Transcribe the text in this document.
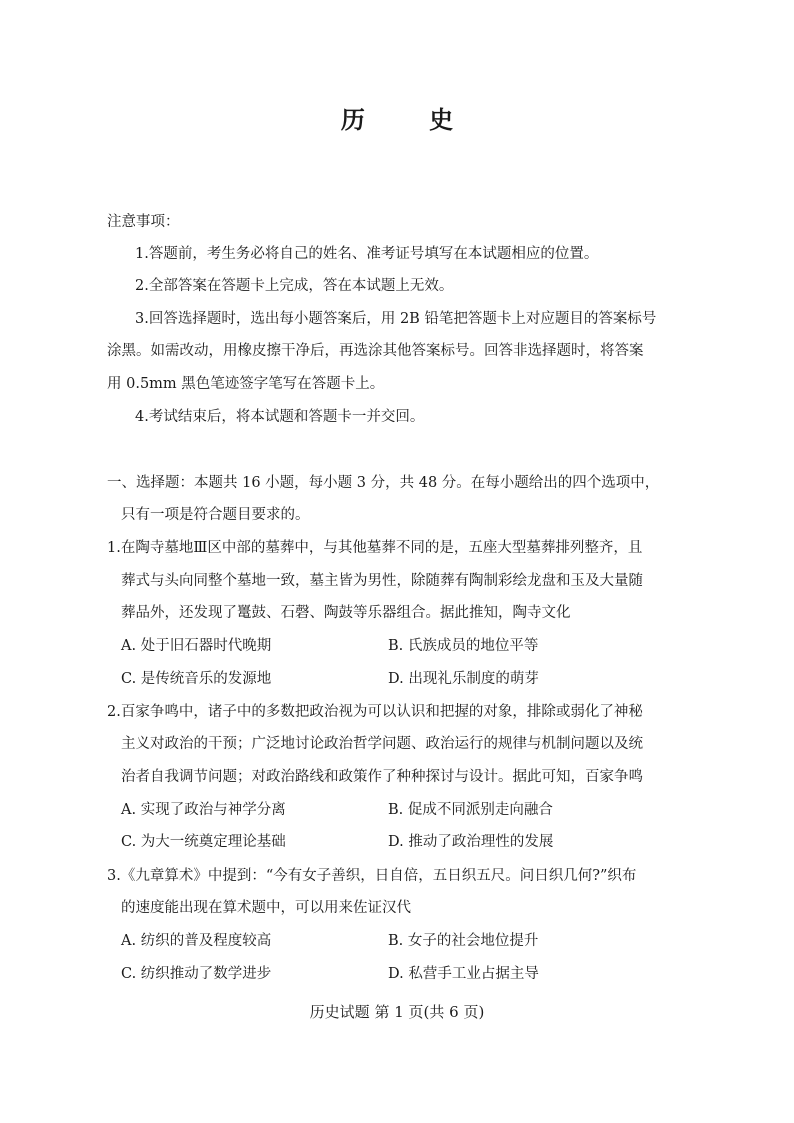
历 史
注意事项：
1.答题前，考生务必将自己的姓名、准考证号填写在本试题相应的位置。
2.全部答案在答题卡上完成，答在本试题上无效。
3.回答选择题时，选出每小题答案后，用 2B 铅笔把答题卡上对应题目的答案标号
涂黑。如需改动，用橡皮擦干净后，再选涂其他答案标号。回答非选择题时，将答案
用 0.5mm 黑色笔迹签字笔写在答题卡上。
4.考试结束后，将本试题和答题卡一并交回。
一、选择题：本题共 16 小题，每小题 3 分，共 48 分。在每小题给出的四个选项中，
只有一项是符合题目要求的。
1.在陶寺墓地Ⅲ区中部的墓葬中，与其他墓葬不同的是，五座大型墓葬排列整齐，且
葬式与头向同整个墓地一致，墓主皆为男性，除随葬有陶制彩绘龙盘和玉及大量随
葬品外，还发现了鼍鼓、石磬、陶鼓等乐器组合。据此推知，陶寺文化
A. 处于旧石器时代晚期	B. 氏族成员的地位平等
C. 是传统音乐的发源地	D. 出现礼乐制度的萌芽
2.百家争鸣中，诸子中的多数把政治视为可以认识和把握的对象，排除或弱化了神秘
主义对政治的干预；广泛地讨论政治哲学问题、政治运行的规律与机制问题以及统
治者自我调节问题；对政治路线和政策作了种种探讨与设计。据此可知，百家争鸣
A. 实现了政治与神学分离	B. 促成不同派别走向融合
C. 为大一统奠定理论基础	D. 推动了政治理性的发展
3.《九章算术》中提到：“今有女子善织，日自倍，五日织五尺。问日织几何?”织布
的速度能出现在算术题中，可以用来佐证汉代
A. 纺织的普及程度较高	B. 女子的社会地位提升
C. 纺织推动了数学进步	D. 私营手工业占据主导
历史试题 第 1 页(共 6 页)
